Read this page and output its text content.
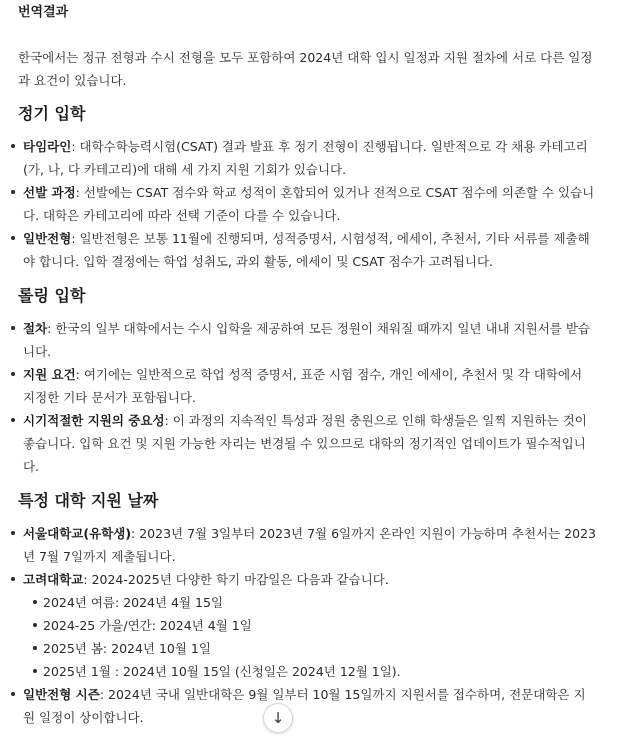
번역결과

한국에서는 정규 전형과 수시 전형을 모두 포함하여 2024년 대학 입시 일정과 지원 절차에 서로 다른 일정과 요건이 있습니다.

정기 입학
타임라인: 대학수학능력시험(CSAT) 결과 발표 후 정기 전형이 진행됩니다. 일반적으로 각 채용 카테고리(가, 나, 다 카테고리)에 대해 세 가지 지원 기회가 있습니다.
선발 과정: 선발에는 CSAT 점수와 학교 성적이 혼합되어 있거나 전적으로 CSAT 점수에 의존할 수 있습니다. 대학은 카테고리에 따라 선택 기준이 다를 수 있습니다.
일반전형: 일반전형은 보통 11월에 진행되며, 성적증명서, 시험성적, 에세이, 추천서, 기타 서류를 제출해야 합니다. 입학 결정에는 학업 성취도, 과외 활동, 에세이 및 CSAT 점수가 고려됩니다.
롤링 입학
절차: 한국의 일부 대학에서는 수시 입학을 제공하여 모든 정원이 채워질 때까지 일년 내내 지원서를 받습니다.
지원 요건: 여기에는 일반적으로 학업 성적 증명서, 표준 시험 점수, 개인 에세이, 추천서 및 각 대학에서 지정한 기타 문서가 포함됩니다.
시기적절한 지원의 중요성: 이 과정의 지속적인 특성과 정원 충원으로 인해 학생들은 일찍 지원하는 것이 좋습니다. 입학 요건 및 지원 가능한 자리는 변경될 수 있으므로 대학의 정기적인 업데이트가 필수적입니다.
특정 대학 지원 날짜
서울대학교(유학생): 2023년 7월 3일부터 2023년 7월 6일까지 온라인 지원이 가능하며 추천서는 2023년 7월 7일까지 제출됩니다.
고려대학교: 2024-2025년 다양한 학기 마감일은 다음과 같습니다.
2024년 여름: 2024년 4월 15일
2024-25 가을/연간: 2024년 4월 1일
2025년 봄: 2024년 10월 1일
2025년 1월 : 2024년 10월 15일 (신청일은 2024년 12월 1일).
일반전형 시즌: 2024년 국내 일반대학은 9월 일부터 10월 15일까지 지원서를 접수하며, 전문대학은 지원 일정이 상이합니다.	↓
